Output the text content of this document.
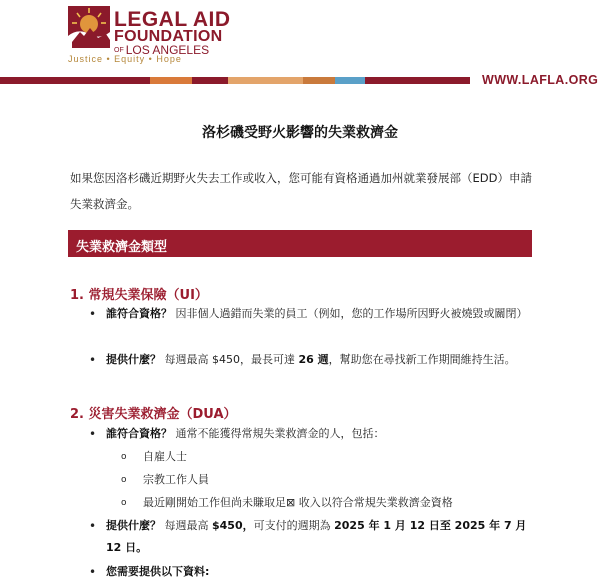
LEGAL AID
FOUNDATION
OF LOS ANGELES
Justice • Equity • Hope
WWW.LAFLA.ORG
洛杉磯受野火影響的失業救濟金
如果您因洛杉磯近期野火失去工作或收入，您可能有資格通過加州就業發展部（EDD）申請失業救濟金。
失業救濟金類型
1. 常規失業保險（UI）
• 誰符合資格？ 因非個人過錯而失業的員工（例如，您的工作場所因野火被燒毀或關閉）
• 提供什麼？ 每週最高 $450，最長可達 26 週，幫助您在尋找新工作期間維持生活。
2. 災害失業救濟金（DUA）
• 誰符合資格？ 通常不能獲得常規失業救濟金的人，包括：
o 自雇人士
o 宗教工作人員
o 最近剛開始工作但尚未賺取足⊠ 收入以符合常規失業救濟金資格
• 提供什麼？ 每週最高 $450，可支付的週期為 2025 年 1 月 12 日至 2025 年 7 月 12 日。
• 您需要提供以下資料:
